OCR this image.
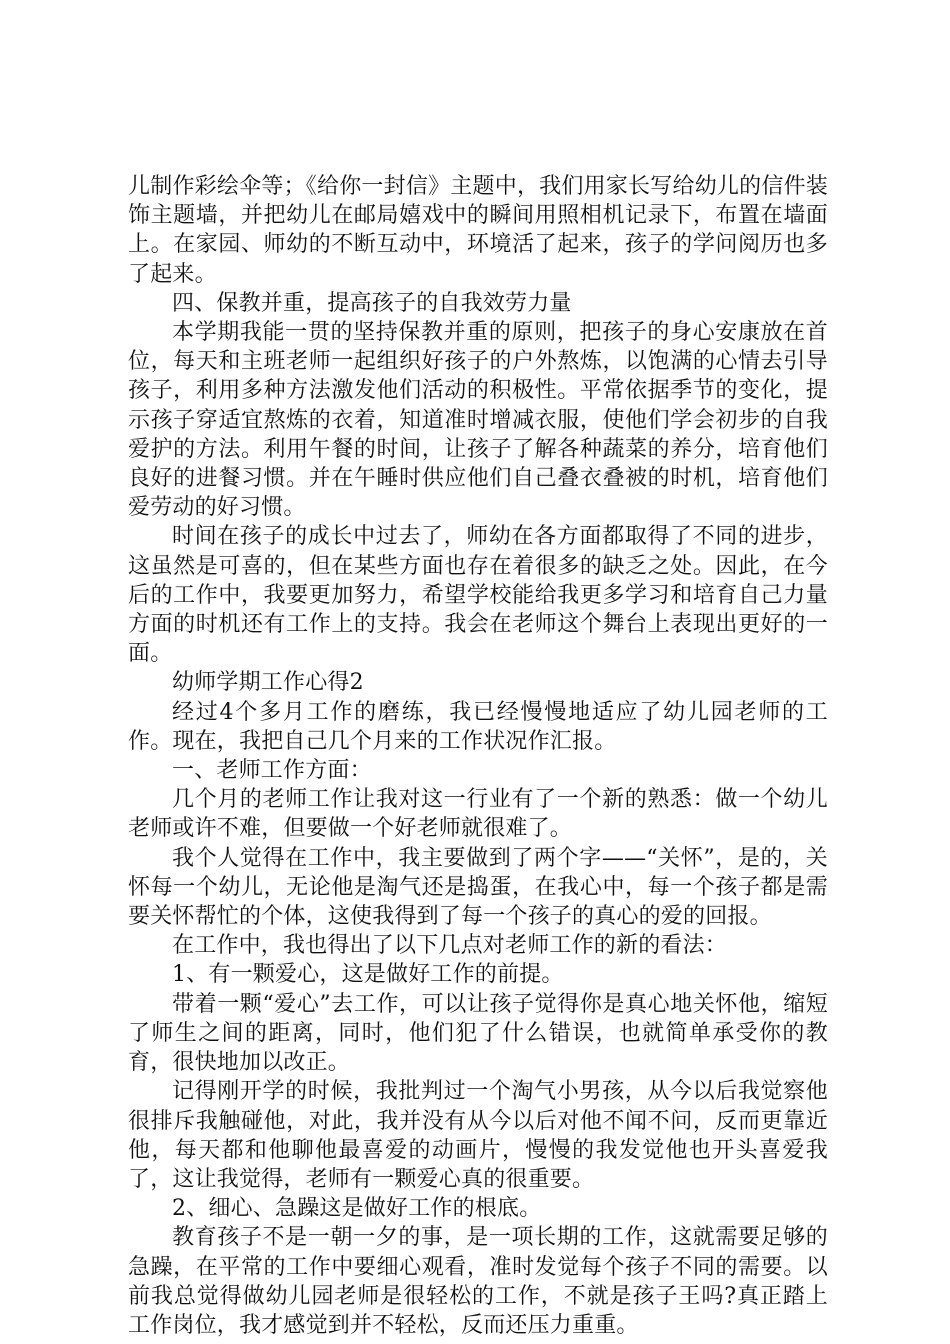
儿制作彩绘伞等；《给你一封信》主题中，我们用家长写给幼儿的信件装饰主题墙，并把幼儿在邮局嬉戏中的瞬间用照相机记录下，布置在墙面上。在家园、师幼的不断互动中，环境活了起来，孩子的学问阅历也多了起来。

四、保教并重，提高孩子的自我效劳力量

本学期我能一贯的坚持保教并重的原则，把孩子的身心安康放在首位，每天和主班老师一起组织好孩子的户外熬炼，以饱满的心情去引导孩子，利用多种方法激发他们活动的积极性。平常依据季节的变化，提示孩子穿适宜熬炼的衣着，知道准时增减衣服，使他们学会初步的自我爱护的方法。利用午餐的时间，让孩子了解各种蔬菜的养分，培育他们良好的进餐习惯。并在午睡时供应他们自己叠衣叠被的时机，培育他们爱劳动的好习惯。

时间在孩子的成长中过去了，师幼在各方面都取得了不同的进步，这虽然是可喜的，但在某些方面也存在着很多的缺乏之处。因此，在今后的工作中，我要更加努力，希望学校能给我更多学习和培育自己力量方面的时机还有工作上的支持。我会在老师这个舞台上表现出更好的一面。

幼师学期工作心得2

经过4个多月工作的磨练，我已经慢慢地适应了幼儿园老师的工作。现在，我把自己几个月来的工作状况作汇报。

一、老师工作方面：

几个月的老师工作让我对这一行业有了一个新的熟悉：做一个幼儿老师或许不难，但要做一个好老师就很难了。

我个人觉得在工作中，我主要做到了两个字——“关怀”，是的，关怀每一个幼儿，无论他是淘气还是捣蛋，在我心中，每一个孩子都是需要关怀帮忙的个体，这使我得到了每一个孩子的真心的爱的回报。

在工作中，我也得出了以下几点对老师工作的新的看法：

1、有一颗爱心，这是做好工作的前提。

带着一颗“爱心”去工作，可以让孩子觉得你是真心地关怀他，缩短了师生之间的距离，同时，他们犯了什么错误，也就简单承受你的教育，很快地加以改正。

记得刚开学的时候，我批判过一个淘气小男孩，从今以后我觉察他很排斥我触碰他，对此，我并没有从今以后对他不闻不问，反而更靠近他，每天都和他聊他最喜爱的动画片，慢慢的我发觉他也开头喜爱我了，这让我觉得，老师有一颗爱心真的很重要。

2、细心、急躁这是做好工作的根底。

教育孩子不是一朝一夕的事，是一项长期的工作，这就需要足够的急躁，在平常的工作中要细心观看，准时发觉每个孩子不同的需要。以前我总觉得做幼儿园老师是很轻松的工作，不就是孩子王吗?真正踏上工作岗位，我才感觉到并不轻松，反而还压力重重。
